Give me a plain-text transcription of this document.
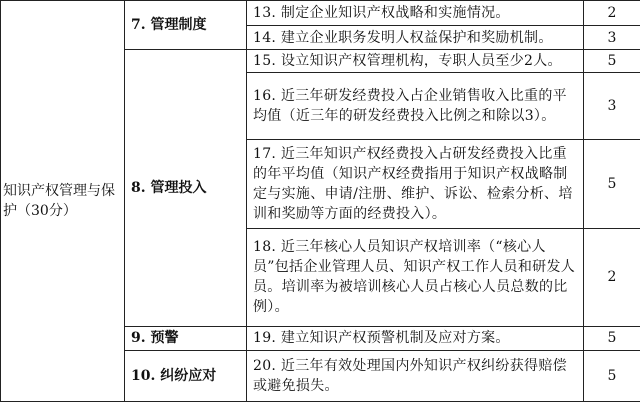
知识产权管理与保护（30分）	7. 管理制度	13. 制定企业知识产权战略和实施情况。	2
		14. 建立企业职务发明人权益保护和奖励机制。	3
	8. 管理投入	15. 设立知识产权管理机构，专职人员至少2人。	5
		16. 近三年研发经费投入占企业销售收入比重的平均值（近三年的研发经费投入比例之和除以3）。	3
		17. 近三年知识产权经费投入占研发经费投入比重的年平均值（知识产权经费指用于知识产权战略制定与实施、申请/注册、维护、诉讼、检索分析、培训和奖励等方面的经费投入）。	5
		18. 近三年核心人员知识产权培训率（“核心人员”包括企业管理人员、知识产权工作人员和研发人员。培训率为被培训核心人员占核心人员总数的比例）。	2
	9. 预警	19. 建立知识产权预警机制及应对方案。	5
	10. 纠纷应对	20. 近三年有效处理国内外知识产权纠纷获得赔偿或避免损失。	5
